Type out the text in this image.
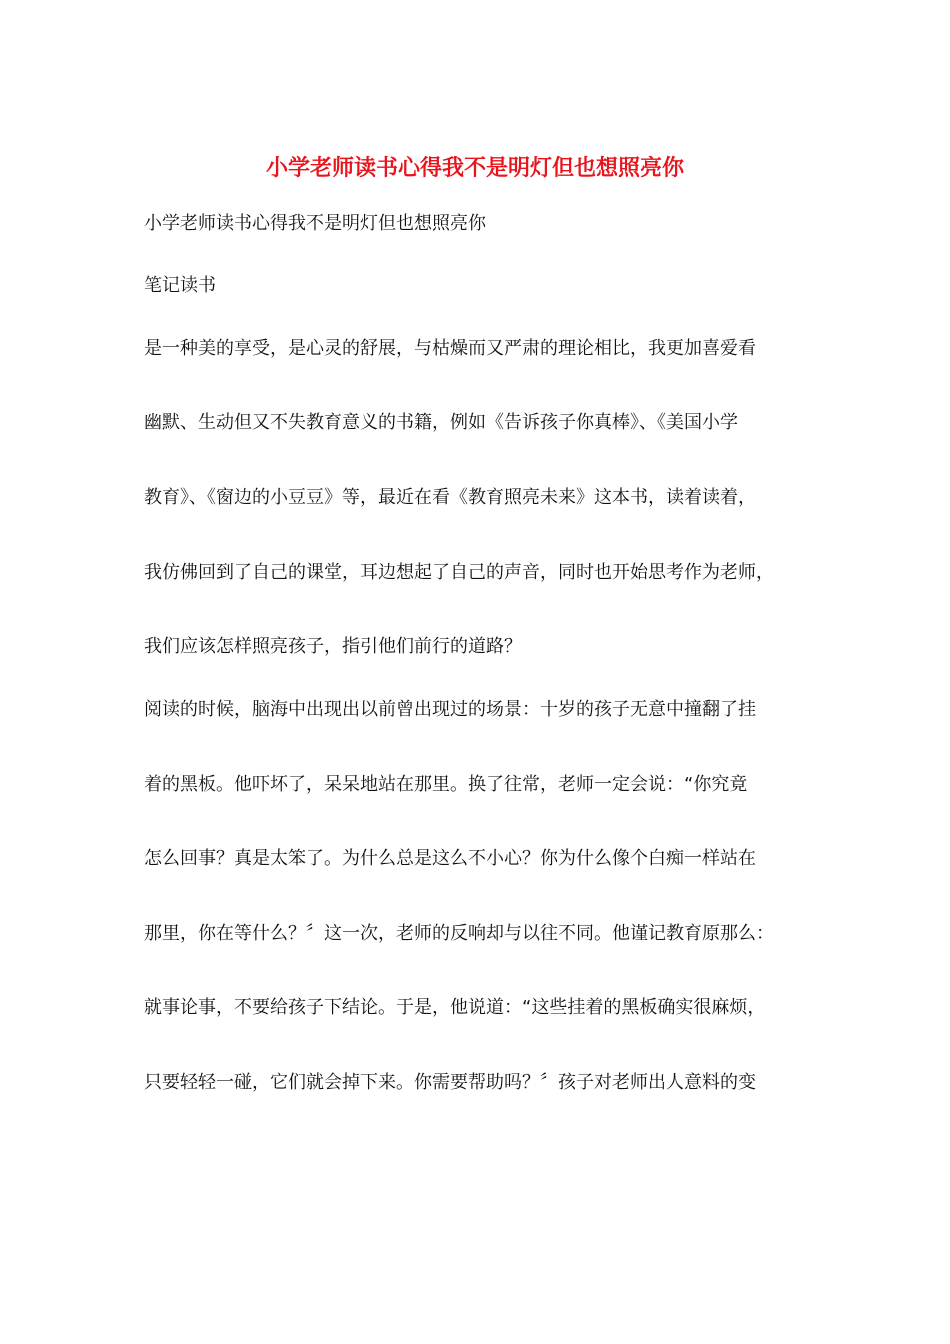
小学老师读书心得我不是明灯但也想照亮你

小学老师读书心得我不是明灯但也想照亮你

笔记读书

是一种美的享受，是心灵的舒展，与枯燥而又严肃的理论相比，我更加喜爱看

幽默、生动但又不失教育意义的书籍，例如《告诉孩子你真棒》、《美国小学

教育》、《窗边的小豆豆》等，最近在看《教育照亮未来》这本书，读着读着，

我仿佛回到了自己的课堂，耳边想起了自己的声音，同时也开始思考作为老师，

我们应该怎样照亮孩子，指引他们前行的道路？

阅读的时候，脑海中出现出以前曾出现过的场景：十岁的孩子无意中撞翻了挂

着的黑板。他吓坏了，呆呆地站在那里。换了往常，老师一定会说：“你究竟

怎么回事？真是太笨了。为什么总是这么不小心？你为什么像个白痴一样站在

那里，你在等什么？〞这一次，老师的反响却与以往不同。他谨记教育原那么：

就事论事，不要给孩子下结论。于是，他说道：“这些挂着的黑板确实很麻烦，

只要轻轻一碰，它们就会掉下来。你需要帮助吗？〞孩子对老师出人意料的变
